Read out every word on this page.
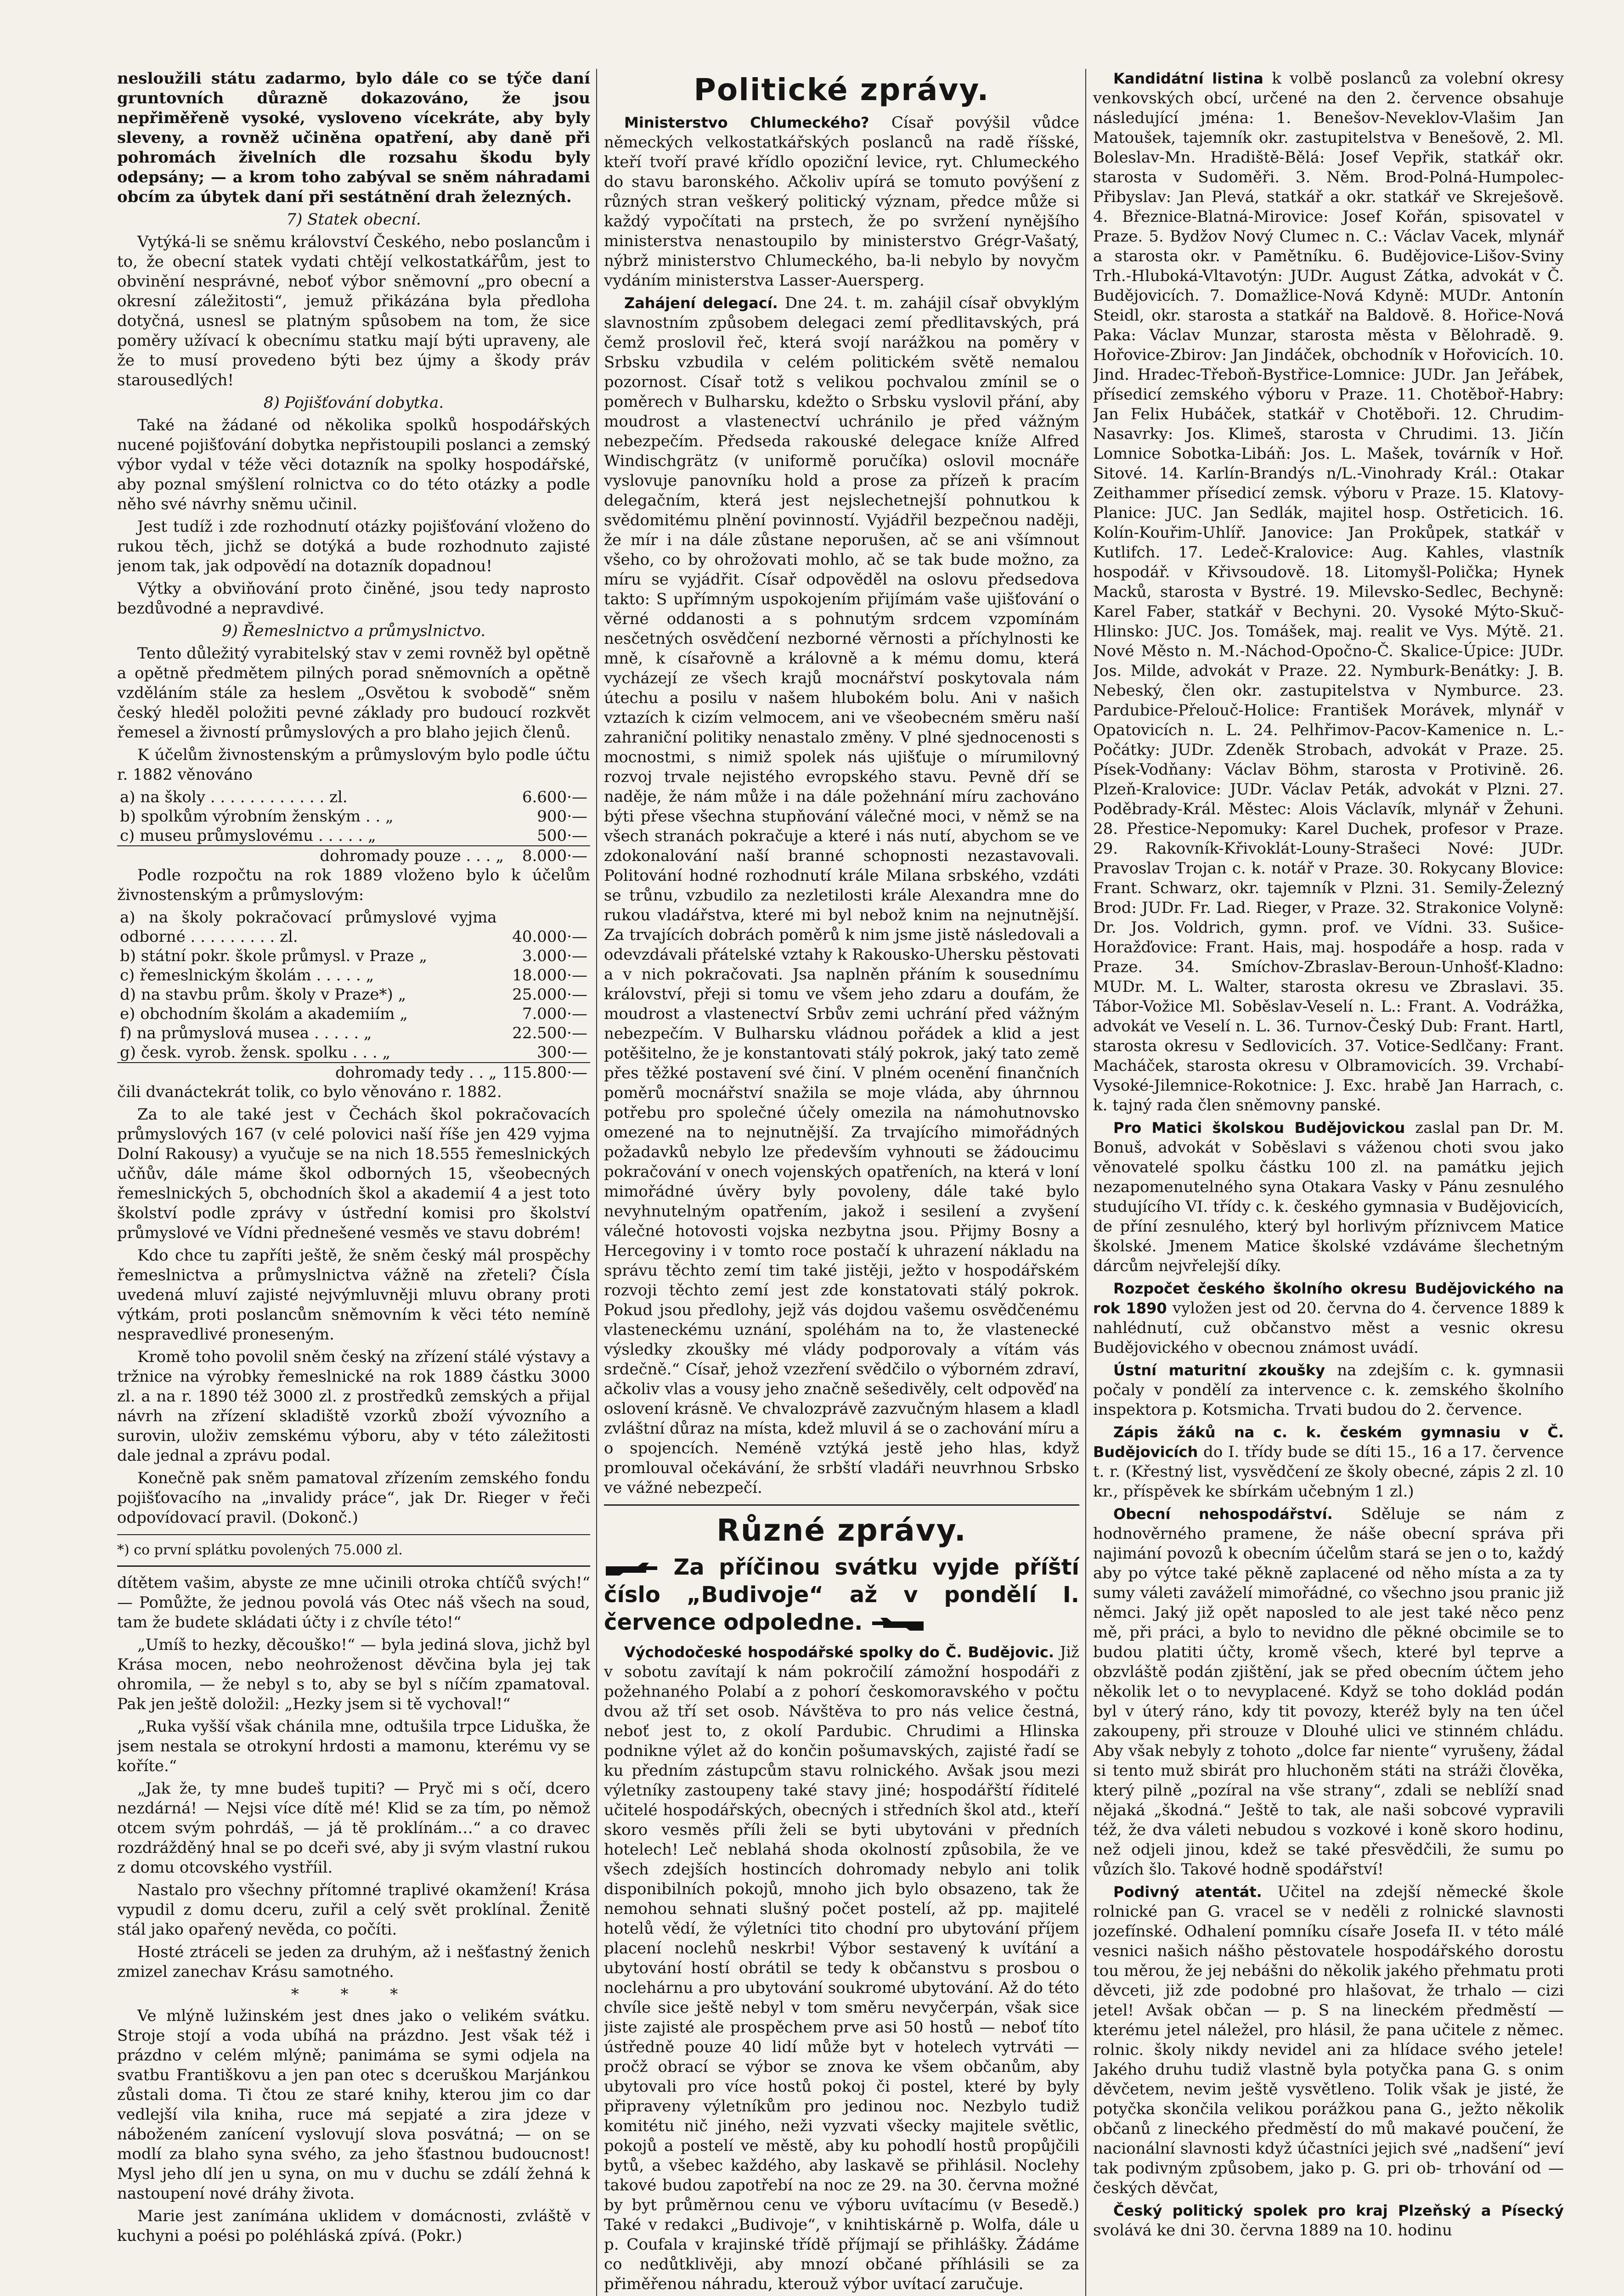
nesloužili státu zadarmo, bylo dále co se týče daní gruntovních důrazně dokazováno, že jsou nepřiměřeně vysoké, vysloveno vícekráte, aby byly sleveny, a rovněž učiněna opatření, aby daně při pohromách živelních dle rozsahu škodu byly odepsány; — a krom toho zabýval se sněm náhradami obcím za úbytek daní při sestátnění drah železných.

7) Statek obecní.

Vytýká-li se sněmu království Českého, nebo poslancům i to, že obecní statek vydati chtějí velkostatkářům, jest to obvinění nesprávné, neboť výbor sněmovní „pro obecní a okresní záležitosti“, jemuž přikázána byla předloha dotyčná, usnesl se platným spůsobem na tom, že sice poměry užívací k obecnímu statku mají býti upraveny, ale že to musí provedeno býti bez újmy a škody práv starousedlých!

8) Pojišťování dobytka.

Také na žádané od několika spolků hospodářských nucené pojišťování dobytka nepřistoupili poslanci a zemský výbor vydal v téže věci dotazník na spolky hospodářské, aby poznal smýšlení rolnictva co do této otázky a podle něho své návrhy sněmu učinil.

Jest tudíž i zde rozhodnutí otázky pojišťování vloženo do rukou těch, jichž se dotýká a bude rozhodnuto zajisté jenom tak, jak odpovědí na dotazník dopadnou!

Výtky a obviňování proto činěné, jsou tedy naprosto bezdůvodné a nepravdivé.

9) Řemeslnictvo a průmyslnictvo.

Tento důležitý vyrabitelský stav v zemi rovněž byl opětně a opětně předmětem pilných porad sněmovních a opětně vzděláním stále za heslem „Osvětou k svobodě“ sněm český hleděl položiti pevné základy pro budoucí rozkvět řemesel a živností průmyslových a pro blaho jejich členů.

K účelům živnostenským a průmyslovým bylo podle účtu r. 1882 věnováno

a) na školy . . . . . . . . . . . . zl.	6.600·—
b) spolkům výrobním ženským . . „	900·—
c) museu průmyslovému . . . . . „	500·—
dohromady pouze . . . „	8.000·—

Podle rozpočtu na rok 1889 vloženo bylo k účelům živnostenským a průmyslovým:

a) na školy pokračovací průmyslové vyjma odborné . . . . . . . . . zl.	40.000·—
b) státní pokr. škole průmysl. v Praze „	3.000·—
c) řemeslnickým školám . . . . . „	18.000·—
d) na stavbu prům. školy v Praze*) „	25.000·—
e) obchodním školám a akademiím „	7.000·—
f) na průmyslová musea . . . . . „	22.500·—
g) česk. vyrob. žensk. spolku . . . „	300·—
dohromady tedy . . „	115.800·—

čili dvanáctekrát tolik, co bylo věnováno r. 1882.

Za to ale také jest v Čechách škol pokračovacích průmyslových 167 (v celé polovici naší říše jen 429 vyjma Dolní Rakousy) a vyučuje se na nich 18.555 řemeslnických učňův, dále máme škol odborných 15, všeobecných řemeslnických 5, obchodních škol a akademií 4 a jest toto školství podle zprávy v ústřední komisi pro školství průmyslové ve Vídni přednešené vesměs ve stavu dobrém!

Kdo chce tu zapříti ještě, že sněm český mál prospěchy řemeslnictva a průmyslnictva vážně na zřeteli? Čísla uvedená mluví zajisté nejvýmluvněji mluvu obrany proti výtkám, proti poslancům sněmovním k věci této nemíně nespravedlivé proneseným.

Kromě toho povolil sněm český na zřízení stálé výstavy a tržnice na výrobky řemeslnické na rok 1889 částku 3000 zl. a na r. 1890 též 3000 zl. z prostředků zemských a přijal návrh na zřízení skladiště vzorků zboží vývozního a surovin, uloživ zemskému výboru, aby v této záležitosti dale jednal a zprávu podal.

Konečně pak sněm pamatoval zřízením zemského fondu pojišťovacího na „invalidy práce“, jak Dr. Rieger v řeči odpovídovací pravil. (Dokonč.)

*) co první splátku povolených 75.000 zl.

dítětem vašim, abyste ze mne učinili otroka chtíčů svých!“ — Pomůžte, že jednou povolá vás Otec náš všech na soud, tam že budete skládati účty i z chvíle této!“

„Umíš to hezky, děcouško!“ — byla jediná slova, jichž byl Krása mocen, nebo neohroženost děvčina byla jej tak ohromila, — že nebyl s to, aby se byl s níčím zpamatoval. Pak jen ještě doložil: „Hezky jsem si tě vychoval!“

„Ruka vyšší však chánila mne, odtušila trpce Liduška, že jsem nestala se otrokyní hrdosti a mamonu, kterému vy se koříte.“

„Jak že, ty mne budeš tupiti? — Pryč mi s očí, dcero nezdárná! — Nejsi více dítě mé! Klid se za tím, po němož otcem svým pohrdáš, — já tě proklínám…“ a co dravec rozdrážděný hnal se po dceři své, aby ji svým vlastní rukou z domu otcovského vystříil.

Nastalo pro všechny přítomné traplivé okamžení! Krása vypudil z domu dceru, zuřil a celý svět proklínal. Ženitě stál jako opařený nevěda, co počíti.

Hosté ztráceli se jeden za druhým, až i nešťastný ženich zmizel zanechav Krásu samotného.

* * *

Ve mlýně lužinském jest dnes jako o velikém svátku. Stroje stojí a voda ubíhá na prázdno. Jest však též i prázdno v celém mlýně; panimáma se symi odjela na svatbu Františkovu a jen pan otec s dceruškou Marjánkou zůstali doma. Ti čtou ze staré knihy, kterou jim co dar vedlejší vila kniha, ruce má sepjaté a zira jdeze v náboženém zanícení vyslovují slova posvátná; — on se modlí za blaho syna svého, za jeho šťastnou budoucnost! Mysl jeho dlí jen u syna, on mu v duchu se zdálí žehná k nastoupení nové dráhy života.

Marie jest zanímána uklidem v domácnosti, zvláště v kuchyni a poési po poléhláská zpívá. (Pokr.)

Politické zprávy.

Ministerstvo Chlumeckého? Císař povýšil vůdce německých velkostatkářských poslanců na radě říšské, kteří tvoří pravé křídlo opoziční levice, ryt. Chlumeckého do stavu baronského. Ačkoliv upírá se tomuto povýšení z různých stran veškerý politický význam, předce může si každý vypočítati na prstech, že po svržení nynějšího ministerstva nenastoupilo by ministerstvo Grégr-Vašatý, nýbrž ministerstvo Chlumeckého, ba-li nebylo by novyčm vydáním ministerstva Lasser-Auersperg.

Zahájení delegací. Dne 24. t. m. zahájil císař obvyklým slavnostním způsobem delegaci zemí předlitavských, prá čemž proslovil řeč, která svojí narážkou na poměry v Srbsku vzbudila v celém politickém světě nemalou pozornost. Císař totž s velikou pochvalou zmínil se o poměrech v Bulharsku, kdežto o Srbsku vyslovil přání, aby moudrost a vlastenectví uchránilo je před vážným nebezpečím. Předseda rakouské delegace kníže Alfred Windischgrätz (v uniformě poručíka) oslovil mocnáře vyslovuje panovníku hold a prose za přízeň k pracím delegačním, která jest nejslechetnejší pohnutkou k svědomitému plnění povinností. Vyjádřil bezpečnou naději, že mír i na dále zůstane neporušen, ač se ani všímnout všeho, co by ohrožovati mohlo, ač se tak bude možno, za míru se vyjádřit. Císař odpověděl na oslovu předsedova takto: S upřímným uspokojením přijímám vaše ujišťování o věrné oddanosti a s pohnutým srdcem vzpomínám nesčetných osvědčení nezborné věrnosti a příchylnosti ke mně, k císařovně a královně a k mému domu, která vycházejí ze všech krajů mocnářství poskytovala nám útechu a posilu v našem hlubokém bolu. Ani v našich vztazích k cizím velmocem, ani ve všeobecném směru naší zahraniční politiky nenastalo změny. V plné sjednocenosti s mocnostmi, s nimiž spolek nás ujišťuje o mírumilovný rozvoj trvale nejistého evropského stavu. Pevně dří se naděje, že nám může i na dále požehnání míru zachováno býti přese všechna stupňování válečné moci, v němž se na všech stranách pokračuje a které i nás nutí, abychom se ve zdokonalování naší branné schopnosti nezastavovali. Politování hodné rozhodnutí krále Milana srbského, vzdáti se trůnu, vzbudilo za nezletilosti krále Alexandra mne do rukou vladářstva, které mi byl nebož knim na nejnutnější. Za trvajících dobrách poměrů k nim jsme jistě následovali a odevzdávali přátelské vztahy k Rakousko-Uhersku pěstovati a v nich pokračovati. Jsa naplněn přáním k sousednímu království, přeji si tomu ve všem jeho zdaru a doufám, že moudrost a vlastenectví Srbův zemi uchrání před vážným nebezpečím. V Bulharsku vládnou pořádek a klid a jest potěšitelno, že je konstantovati stálý pokrok, jaký tato země přes těžké postavení své činí. V plném ocenění finančních poměrů mocnářství snažila se moje vláda, aby úhrnnou potřebu pro společné účely omezila na námohutnovsko omezené na to nejnutnější. Za trvajícího mimořádných požadavků nebylo lze především vyhnouti se žádoucimu pokračování v onech vojenských opatřeních, na která v loní mimořádné úvěry byly povoleny, dále také bylo nevyhnutelným opatřením, jakož i sesilení a zvyšení válečné hotovosti vojska nezbytna jsou. Přijmy Bosny a Hercegoviny i v tomto roce postačí k uhrazení nákladu na správu těchto zemí tim také jistěji, ježto v hospodářském rozvoji těchto zemí jest zde konstatovati stálý pokrok. Pokud jsou předlohy, jejž vás dojdou vašemu osvědčenému vlasteneckému uznání, spoléhám na to, že vlastenecké výsledky zkoušky mé vlády podporovaly a vítám vás srdečně.“ Císař, jehož vzezření svědčilo o výborném zdraví, ačkoliv vlas a vousy jeho značně sešedivěly, celt odpověď na oslovení krásně. Ve chvalozprávě zazvučným hlasem a kladl zvláštní důraz na místa, kdež mluvil á se o zachování míru a o spojencích. Neméně vztýká jestě jeho hlas, když promlouval očekávání, že srbští vladáři neuvrhnou Srbsko ve vážné nebezpečí.

Různé zprávy.
Za příčinou svátku vyjde příští číslo „Budivoje“ až v pondělí I. července odpoledne.

Východočeské hospodářské spolky do Č. Budějovic. Již v sobotu zavítají k nám pokročilí zámožní hospodáři z požehnaného Polabí a z pohorí českomoravského v počtu dvou až tří set osob. Návštěva to pro nás velice čestná, neboť jest to, z okolí Pardubic. Chrudimi a Hlinska podnikne výlet až do končin pošumavských, zajisté řadí se ku předním zástupcům stavu rolnického. Avšak jsou mezi výletníky zastoupeny také stavy jiné; hospodářští říditelé učitelé hospodářských, obecných i středních škol atd., kteří skoro vesměs příli želi se byti ubytováni v předních hotelech! Leč neblahá shoda okolností způsobila, že ve všech zdejších hostincích dohromady nebylo ani tolik disponibilních pokojů, mnoho jich bylo obsazeno, tak že nemohou sehnati slušný počet postelí, až pp. majitelé hotelů vědí, že výletníci tito chodní pro ubytování příjem placení noclehů neskrbi! Výbor sestavený k uvítání a ubytování hostí obrátil se tedy k občanstvu s prosbou o noclehárnu a pro ubytování soukromé ubytování. Až do této chvíle sice ještě nebyl v tom směru nevyčerpán, však sice jiste zajisté ale prospěchem prve asi 50 hostů — neboť títo ústředně pouze 40 lidí může byt v hotelech vytrváti — pročž obrací se výbor se znova ke všem občanům, aby ubytovali pro více hostů pokoj či postel, které by byly připraveny výletníkům pro jedinou noc. Nezbylo tudiž komitétu nič jiného, neži vyzvati všecky majitele světlic, pokojů a postelí ve městě, aby ku pohodlí hostů propůjčili bytů, a všebec každého, aby laskavě se přihlásil. Noclehy takové budou zapotřebí na noc ze 29. na 30. června možné by byt průměrnou cenu ve výboru uvítacímu (v Besedě.) Také v redakci „Budivoje“, v knihtiskárně p. Wolfa, dále u p. Coufala v krajinské třídě příjmají se přihlášky. Žádáme co nedůtklivěji, aby mnozí občané příhlásili se za přiměřenou náhradu, kterouž výbor uvítací zaručuje.

Kandidátní listina k volbě poslanců za volební okresy venkovských obcí, určené na den 2. července obsahuje následující jména: 1. Benešov-Neveklov-Vlašim Jan Matoušek, tajemník okr. zastupitelstva v Benešově, 2. Ml. Boleslav-Mn. Hradiště-Bělá: Josef Vepřik, statkář okr. starosta v Sudoměři. 3. Něm. Brod-Polná-Humpolec-Přibyslav: Jan Plevá, statkář a okr. statkář ve Skreješově. 4. Březnice-Blatná-Mirovice: Josef Kořán, spisovatel v Praze. 5. Bydžov Nový Clumec n. C.: Václav Vacek, mlynář a starosta okr. v Pamětníku. 6. Budějovice-Lišov-Sviny Trh.-Hluboká-Vltavotýn: JUDr. August Zátka, advokát v Č. Budějovicích. 7. Domažlice-Nová Kdyně: MUDr. Antonín Steidl, okr. starosta a statkář na Baldově. 8. Hořice-Nová Paka: Václav Munzar, starosta města v Bělohradě. 9. Hořovice-Zbirov: Jan Jindáček, obchodník v Hořovicích. 10. Jind. Hradec-Třeboň-Bystřice-Lomnice: JUDr. Jan Jeřábek, přísedicí zemského výboru v Praze. 11. Chotěboř-Habry: Jan Felix Hubáček, statkář v Chotěboři. 12. Chrudim-Nasavrky: Jos. Klimeš, starosta v Chrudimi. 13. Jičín Lomnice Sobotka-Libáň: Jos. L. Mašek, továrník v Hoř. Sitové. 14. Karlín-Brandýs n/L.-Vinohrady Král.: Otakar Zeithammer přísedicí zemsk. výboru v Praze. 15. Klatovy-Planice: JUC. Jan Sedlák, majitel hosp. Ostřeticich. 16. Kolín-Kouřim-Uhlíř. Janovice: Jan Prokůpek, statkář v Kutlifch. 17. Ledeč-Kralovice: Aug. Kahles, vlastník hospodář. v Křivsoudově. 18. Litomyšl-Polička; Hynek Macků, starosta v Bystré. 19. Milevsko-Sedlec, Bechyně: Karel Faber, statkář v Bechyni. 20. Vysoké Mýto-Skuč-Hlinsko: JUC. Jos. Tomášek, maj. realit ve Vys. Mýtě. 21. Nové Město n. M.-Náchod-Opočno-Č. Skalice-Úpice: JUDr. Jos. Milde, advokát v Praze. 22. Nymburk-Benátky: J. B. Nebeský, člen okr. zastupitelstva v Nymburce. 23. Pardubice-Přelouč-Holice: František Morávek, mlynář v Opatovicích n. L. 24. Pelhřimov-Pacov-Kamenice n. L.-Počátky: JUDr. Zdeněk Strobach, advokát v Praze. 25. Písek-Vodňany: Václav Böhm, starosta v Protivině. 26. Plzeň-Kralovice: JUDr. Václav Peták, advokát v Plzni. 27. Poděbrady-Král. Městec: Alois Václavík, mlynář v Žehuni. 28. Přestice-Nepomuky: Karel Duchek, profesor v Praze. 29. Rakovník-Křivoklát-Louny-Strašeci Nové: JUDr. Pravoslav Trojan c. k. notář v Praze. 30. Rokycany Blovice: Frant. Schwarz, okr. tajemník v Plzni. 31. Semily-Železný Brod: JUDr. Fr. Lad. Rieger, v Praze. 32. Strakonice Volyně: Dr. Jos. Voldrich, gymn. prof. ve Vídni. 33. Sušice-Horažďovice: Frant. Hais, maj. hospodáře a hosp. rada v Praze. 34. Smíchov-Zbraslav-Beroun-Unhošť-Kladno: MUDr. M. L. Walter, starosta okresu ve Zbraslavi. 35. Tábor-Vožice Ml. Soběslav-Veselí n. L.: Frant. A. Vodrážka, advokát ve Veselí n. L. 36. Turnov-Český Dub: Frant. Hartl, starosta okresu v Sedlovicích. 37. Votice-Sedlčany: Frant. Macháček, starosta okresu v Olbramovicích. 39. Vrchabí-Vysoké-Jilemnice-Rokotnice: J. Exc. hrabě Jan Harrach, c. k. tajný rada člen sněmovny panské.

Pro Matici školskou Budějovickou zaslal pan Dr. M. Bonuš, advokát v Soběslavi s váženou choti svou jako věnovatelé spolku částku 100 zl. na památku jejich nezapomenutelného syna Otakara Vasky v Pánu zesnulého studujícího VI. třídy c. k. českého gymnasia v Budějovicích, de příní zesnulého, který byl horlivým příznivcem Matice školské. Jmenem Matice školské vzdáváme šlechetným dárcům nejvřelejší díky.

Rozpočet českého školního okresu Budějovického na rok 1890 vyložen jest od 20. června do 4. července 1889 k nahlédnutí, cuž občanstvo měst a vesnic okresu Budějovického v obecnou známost uvádí.

Ústní maturitní zkoušky na zdejším c. k. gymnasii počaly v pondělí za intervence c. k. zemského školního inspektora p. Kotsmicha. Trvati budou do 2. července.

Zápis žáků na c. k. českém gymnasiu v Č. Budějovicích do I. třídy bude se díti 15., 16 a 17. července t. r. (Křestný list, vysvědčení ze školy obecné, zápis 2 zl. 10 kr., příspěvek ke sbírkám učebným 1 zl.)

Obecní nehospodářství. Sděluje se nám z hodnověrného pramene, že náše obecní správa při najimání povozů k obecním účelům stará se jen o to, každý aby po výtce také pěkně zaplacené od něho místa a za ty sumy váleti zaváželí mimořádné, co všechno jsou pranic již němci. Jaký již opět naposled to ale jest také něco penz mě, při práci, a bylo to nevidno dle pěkné obcimile se to budou platiti účty, kromě všech, které byl teprve a obzvláště podán zjištění, jak se před obecním účtem jeho několik let o to nevyplacené. Když se toho doklád podán byl v úterý ráno, kdy tit povozy, kteréž byly na ten účel zakoupeny, při strouze v Dlouhé ulici ve stinném chládu. Aby však nebyly z tohoto „dolce far niente“ vyrušeny, žádal si tento muž sbirát pro hluchoněm státi na stráži člověka, který pilně „pozíral na vše strany“, zdali se neblíží snad nějaká „škodná.“ Ještě to tak, ale naši sobcové vypravili též, že dva váleti nebudou s vozkové i koně skoro hodinu, než odjeli jinou, kdež se také přesvědčili, že sumu po vůzích šlo. Takové hodně spodářství!

Podivný atentát. Učitel na zdejší německé škole rolnické pan G. vracel se v neděli z rolnické slavnosti jozefínské. Odhalení pomníku císaře Josefa II. v této málé vesnici našich nášho pěstovatele hospodářského dorostu tou měrou, že jej nebášni do několik jakého přehmatu proti děvceti, již zde podobné pro hlašovat, že trhalo — cizi jetel! Avšak občan — p. S na lineckém předměstí — kterému jetel náležel, pro hlásil, že pana učitele z němec. rolnic. školy nikdy nevidel ani za hlídace svého jetele! Jakého druhu tudiž vlastně byla potyčka pana G. s onim děvčetem, nevim ještě vysvětleno. Tolik však je jisté, že potyčka skončila velikou porážkou pana G., ježto několik občanů z lineckého předměstí do mů makavé poučení, že nacionální slavnosti když účastníci jejich své „nadšení“ jeví tak podivným způsobem, jako p. G. pri ob- trhování od — českých děvčat,

Český politický spolek pro kraj Plzeňský a Písecký svolává ke dni 30. června 1889 na 10. hodinu
